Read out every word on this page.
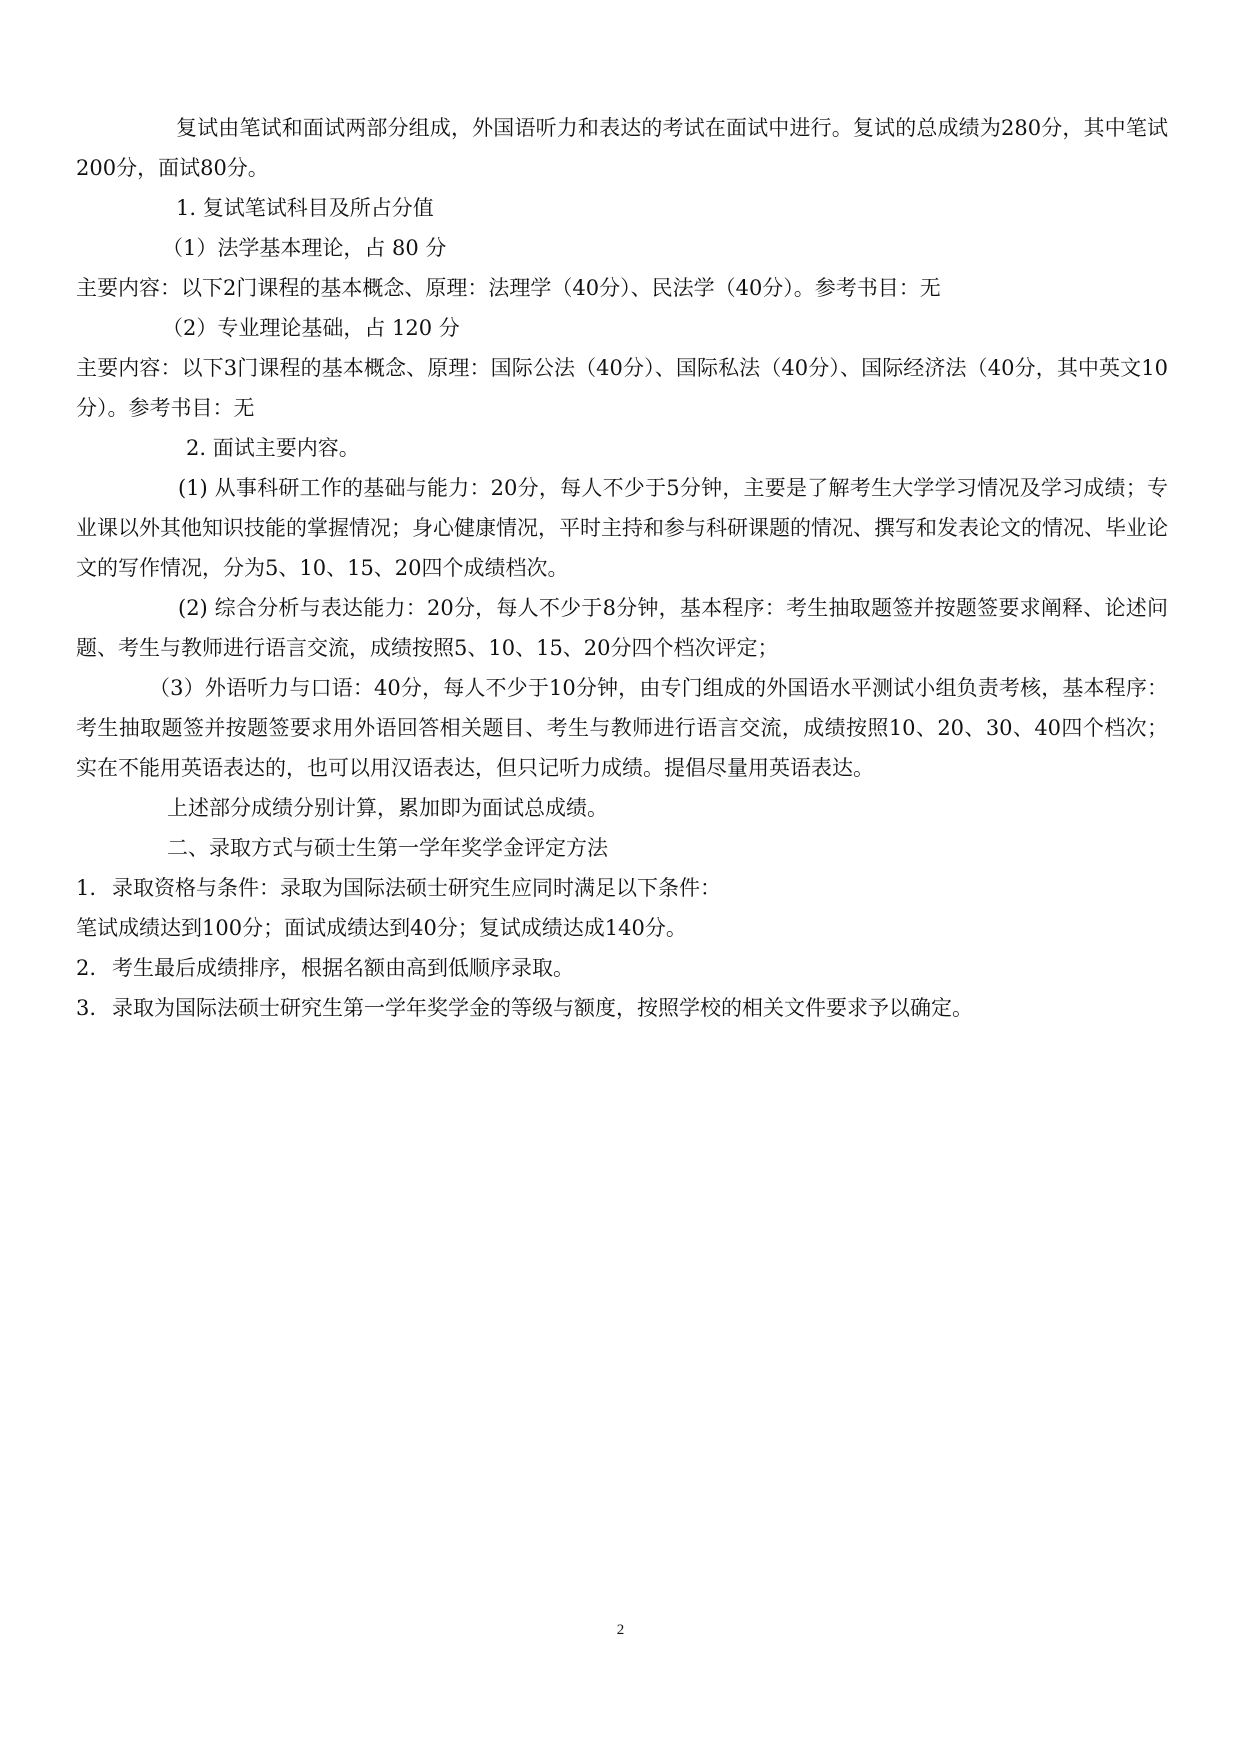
复试由笔试和面试两部分组成，外国语听力和表达的考试在面试中进行。复试的总成绩为280分，其中笔试200分，面试80分。

1. 复试笔试科目及所占分值

（1）法学基本理论，占 80 分

主要内容：以下2门课程的基本概念、原理：法理学（40分）、民法学（40分）。参考书目：无

（2）专业理论基础，占 120 分

主要内容：以下3门课程的基本概念、原理：国际公法（40分）、国际私法（40分）、国际经济法（40分，其中英文10分）。参考书目：无

2. 面试主要内容。

(1) 从事科研工作的基础与能力：20分，每人不少于5分钟，主要是了解考生大学学习情况及学习成绩；专业课以外其他知识技能的掌握情况；身心健康情况，平时主持和参与科研课题的情况、撰写和发表论文的情况、毕业论文的写作情况，分为5、10、15、20四个成绩档次。

(2) 综合分析与表达能力：20分，每人不少于8分钟，基本程序：考生抽取题签并按题签要求阐释、论述问题、考生与教师进行语言交流，成绩按照5、10、15、20分四个档次评定；

（3）外语听力与口语：40分，每人不少于10分钟，由专门组成的外国语水平测试小组负责考核，基本程序：考生抽取题签并按题签要求用外语回答相关题目、考生与教师进行语言交流，成绩按照10、20、30、40四个档次；实在不能用英语表达的，也可以用汉语表达，但只记听力成绩。提倡尽量用英语表达。

上述部分成绩分别计算，累加即为面试总成绩。

二、录取方式与硕士生第一学年奖学金评定方法

1. 录取资格与条件：录取为国际法硕士研究生应同时满足以下条件：

笔试成绩达到100分；面试成绩达到40分；复试成绩达成140分。

2. 考生最后成绩排序，根据名额由高到低顺序录取。
3. 录取为国际法硕士研究生第一学年奖学金的等级与额度，按照学校的相关文件要求予以确定。
2
